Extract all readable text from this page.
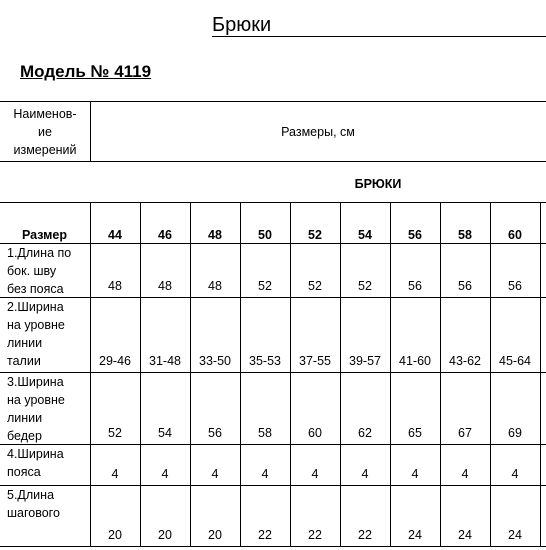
Брюки
Модель № 4119
Наименов-
ие
измерений
Размеры, см
БРЮКИ
Размер	44	46	48	50	52	54	56	58	60
1.Длина по
бок. шву
без пояса	48	48	48	52	52	52	56	56	56
2.Ширина
на уровне
линии
талии	29-46	31-48	33-50	35-53	37-55	39-57	41-60	43-62	45-64
3.Ширина
на уровне
линии
бедер	52	54	56	58	60	62	65	67	69
4.Ширина
пояса	4	4	4	4	4	4	4	4	4
5.Длина
шагового
20	20	20	22	22	22	24	24	24
